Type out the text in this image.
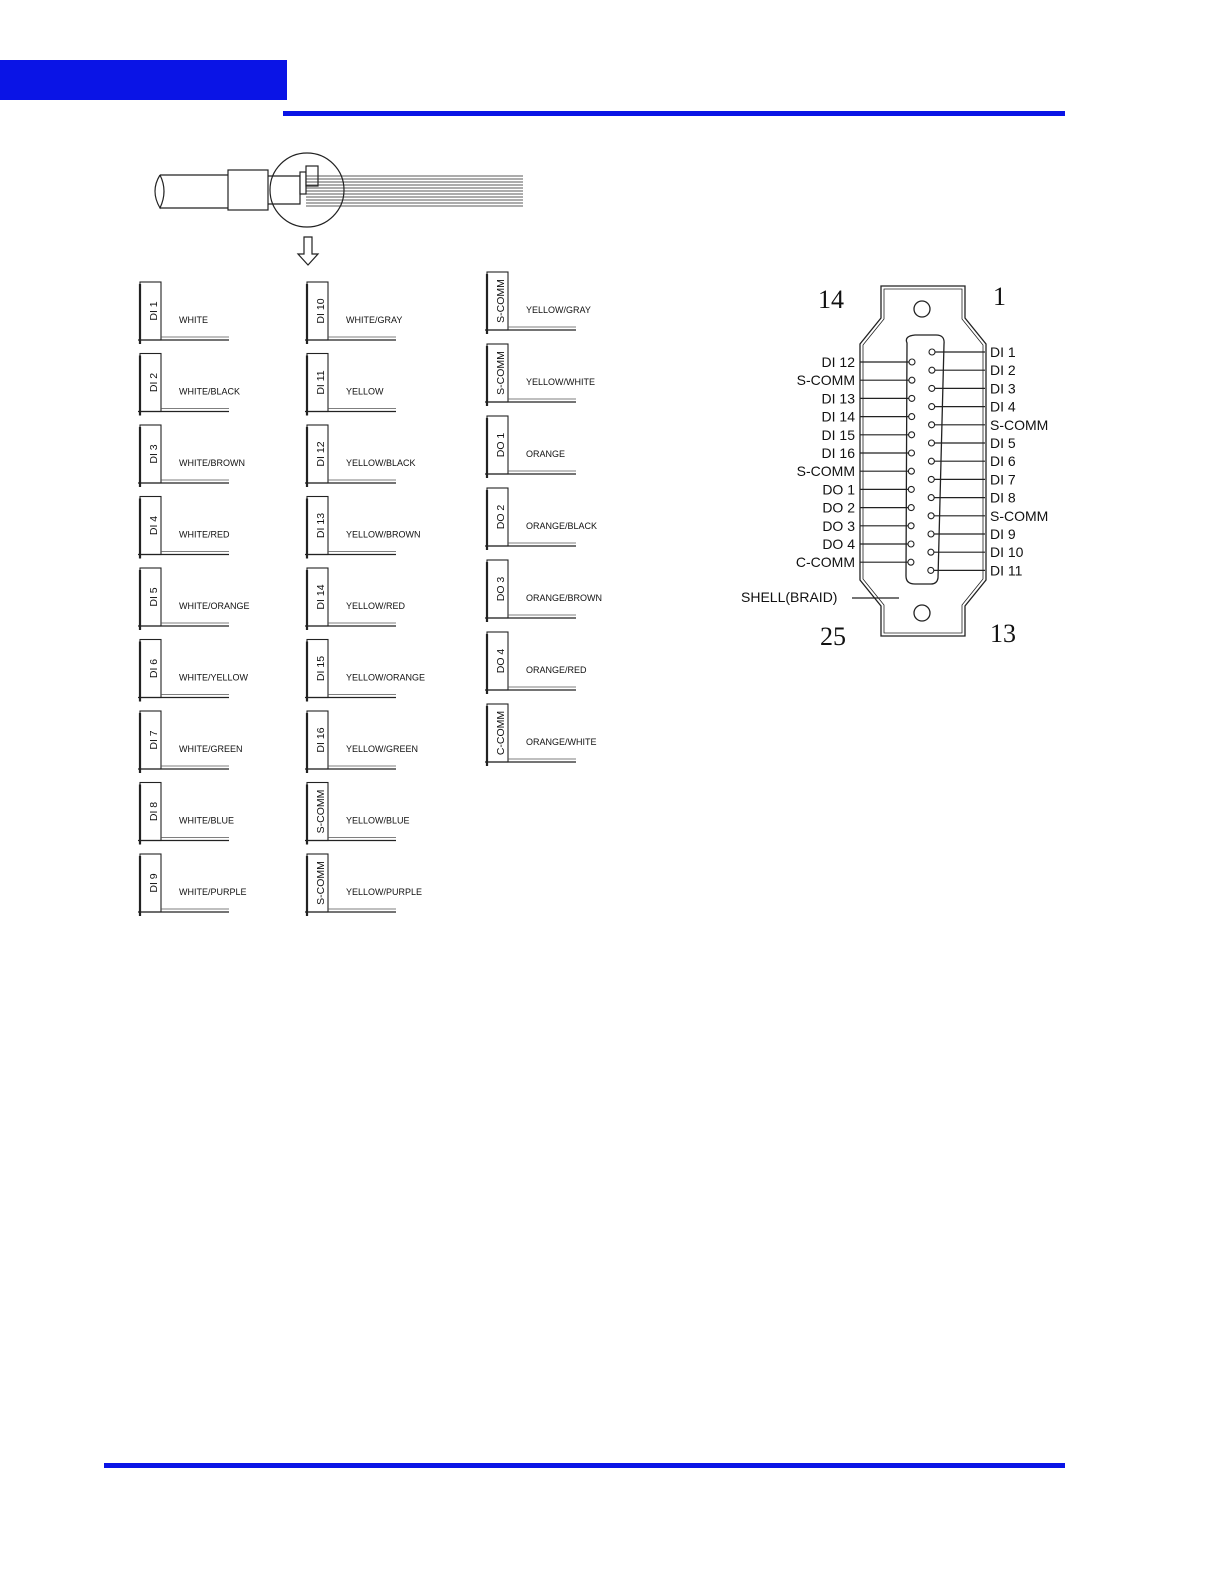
DI 1 WHITE
DI 2 WHITE/BLACK
DI 3 WHITE/BROWN
DI 4 WHITE/RED
DI 5 WHITE/ORANGE
DI 6 WHITE/YELLOW
DI 7 WHITE/GREEN
DI 8 WHITE/BLUE
DI 9 WHITE/PURPLE
DI 10 WHITE/GRAY
DI 11 YELLOW
DI 12 YELLOW/BLACK
DI 13 YELLOW/BROWN
DI 14 YELLOW/RED
DI 15 YELLOW/ORANGE
DI 16 YELLOW/GREEN
S-COMM YELLOW/BLUE
S-COMM YELLOW/PURPLE
S-COMM YELLOW/GRAY
S-COMM YELLOW/WHITE
DO 1 ORANGE
DO 2 ORANGE/BLACK
DO 3 ORANGE/BROWN
DO 4 ORANGE/RED
C-COMM ORANGE/WHITE
14	1
25	13
DI 1
DI 2
DI 3
DI 4
S-COMM
DI 5
DI 6
DI 7
DI 8
S-COMM
DI 9
DI 10
DI 11
DI 12
S-COMM
DI 13
DI 14
DI 15
DI 16
S-COMM
DO 1
DO 2
DO 3
DO 4
C-COMM
SHELL(BRAID)
